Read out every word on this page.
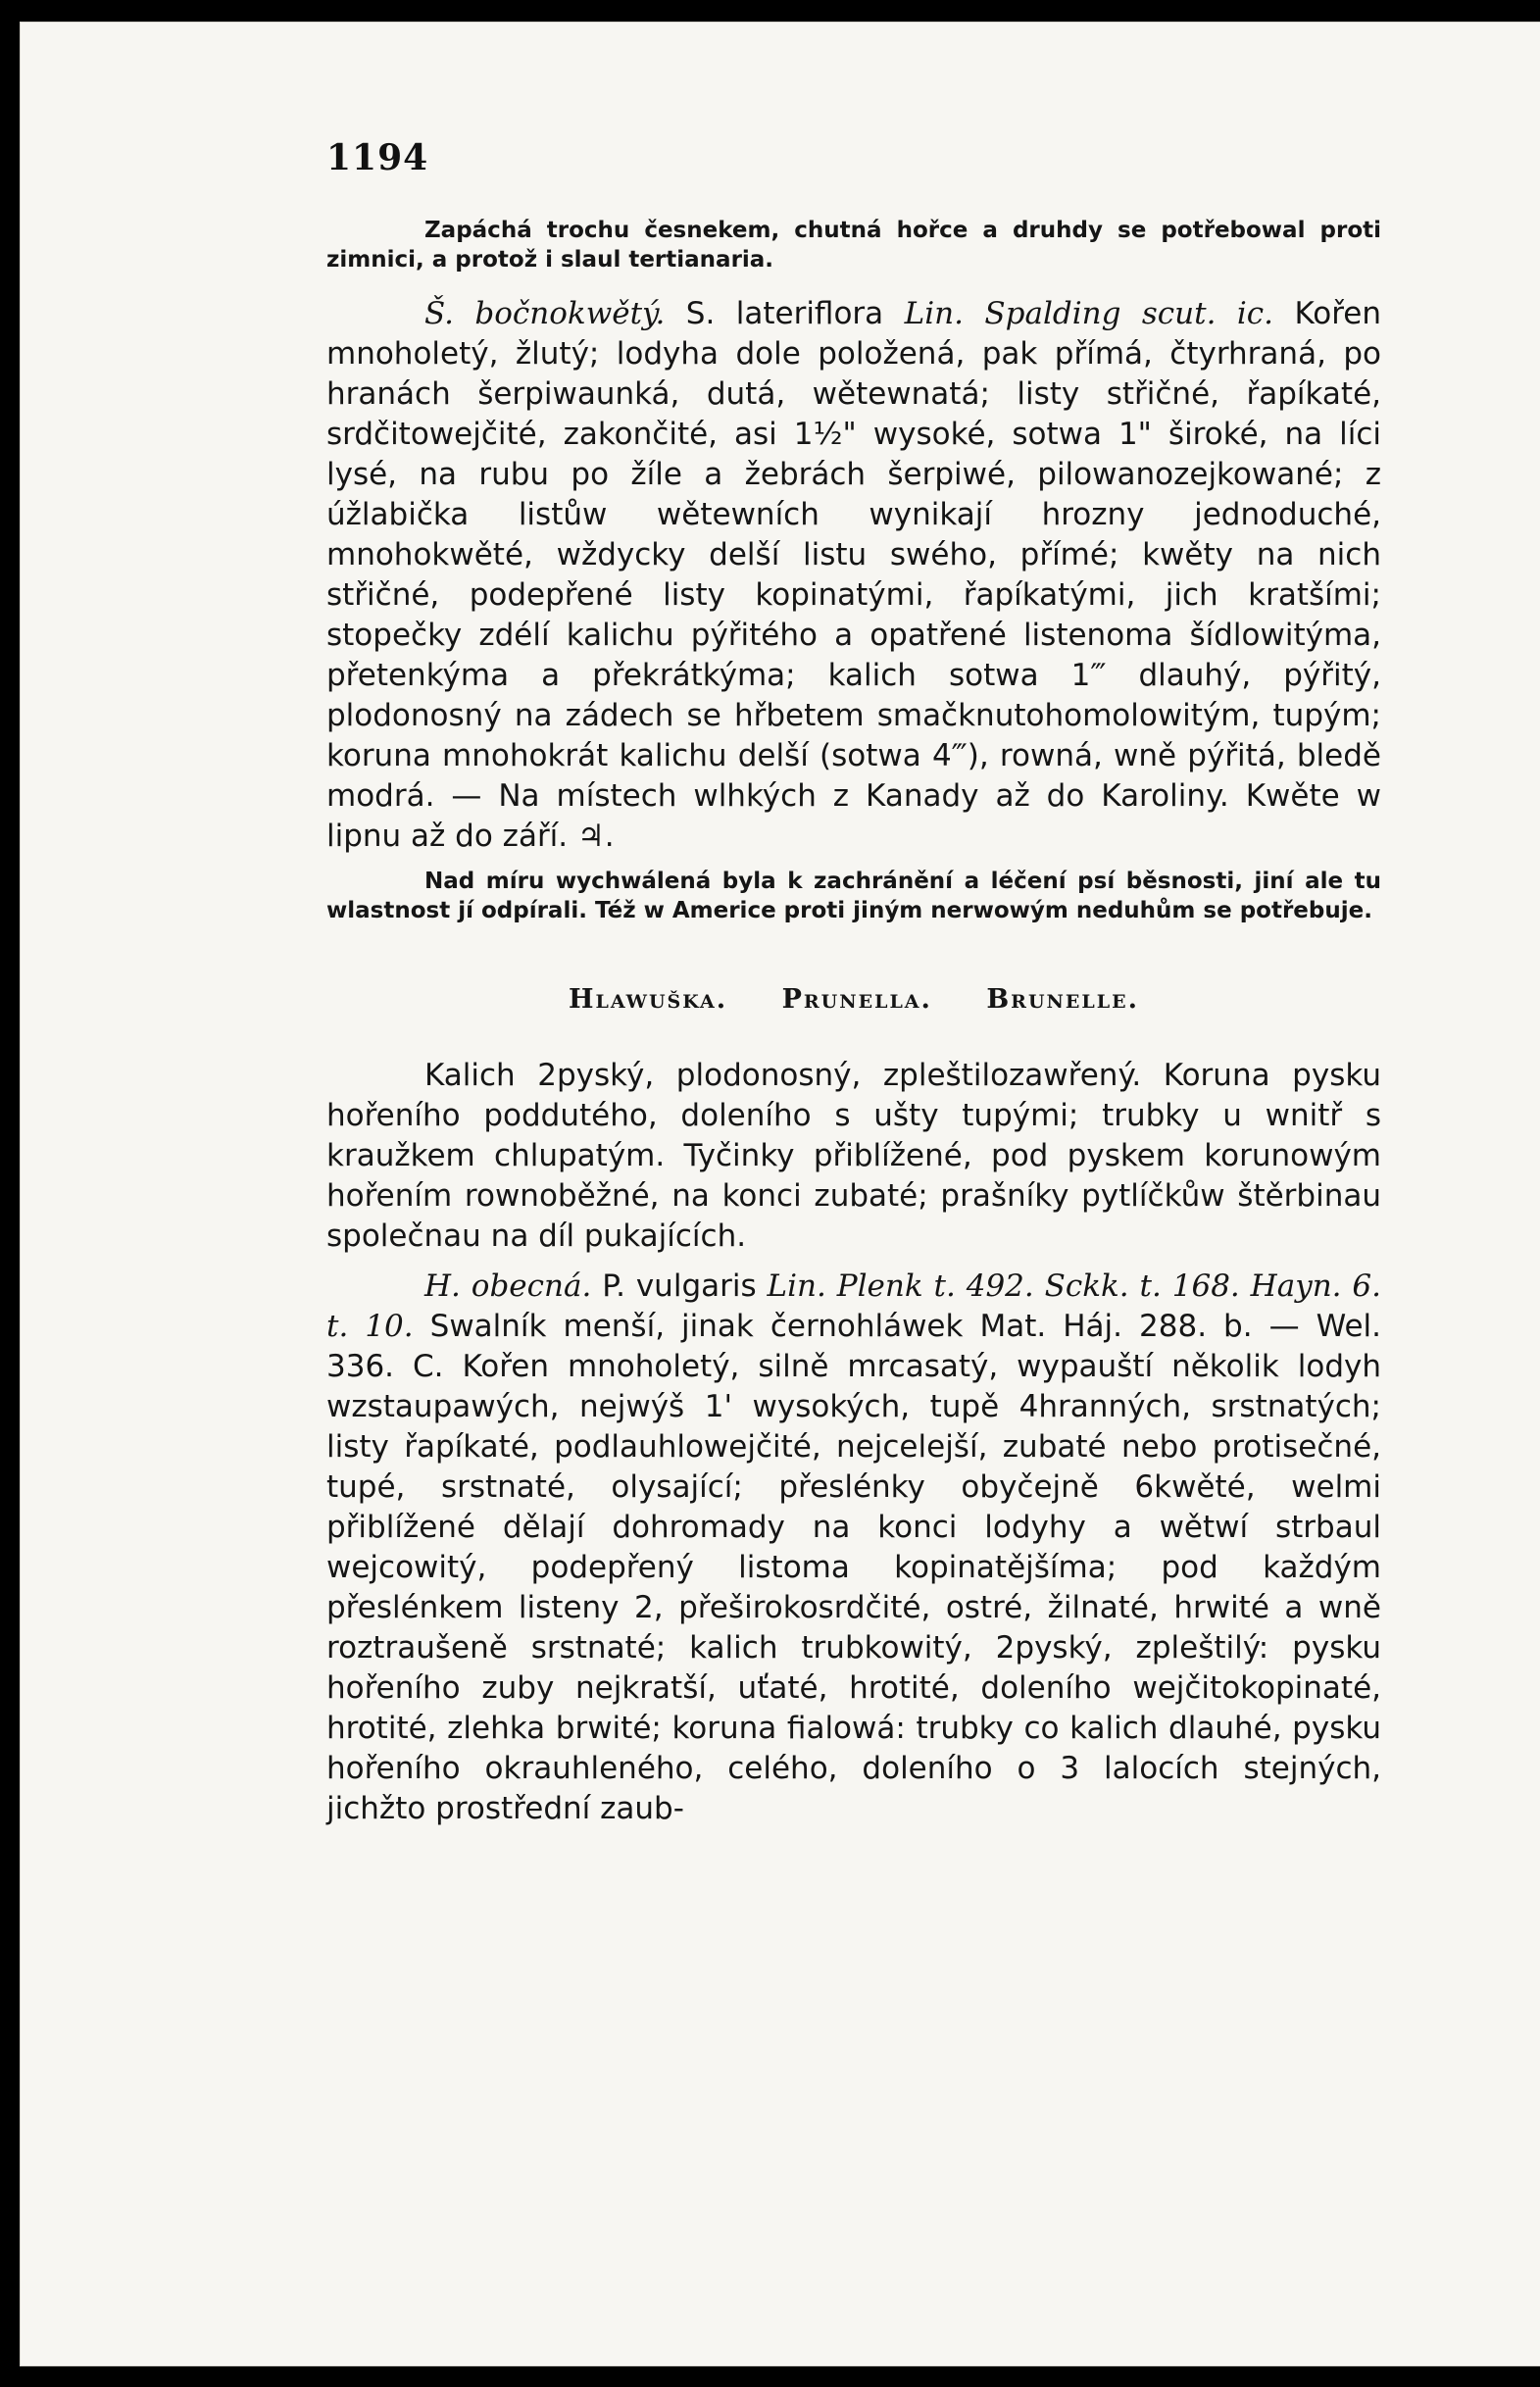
1194

Zapáchá trochu česnekem, chutná hořce a druhdy se potřebowal proti zimnici, a protož i slaul tertianaria.

Š. bočnokwětý. S. lateriflora Lin. Spalding scut. ic. Kořen mnoholetý, žlutý; lodyha dole položená, pak přímá, čtyrhraná, po hranách šerpiwaunká, dutá, wětewnatá; listy střičné, řapíkaté, srdčitowejčité, zakončité, asi 1½" wysoké, sotwa 1" široké, na líci lysé, na rubu po žíle a žebrách šerpiwé, pilowanozejkowané; z úžlabička listůw wětewních wynikají hrozny jednoduché, mnohokwěté, wždycky delší listu swého, přímé; kwěty na nich střičné, podepřené listy kopinatými, řapíkatými, jich kratšími; stopečky zdélí kalichu pýřitého a opatřené listenoma šídlowitýma, přetenkýma a překrátkýma; kalich sotwa 1‴ dlauhý, pýřitý, plodonosný na zádech se hřbetem smačknutohomolowitým, tupým; koruna mnohokrát kalichu delší (sotwa 4‴), rowná, wně pýřitá, bledě modrá. — Na místech wlhkých z Kanady až do Karoliny. Kwěte w lipnu až do září. ♃.

Nad míru wychwálená byla k zachránění a léčení psí běsnosti, jiní ale tu wlastnost jí odpírali. Též w Americe proti jiným nerwowým neduhům se potřebuje.

Hlawuška. Prunella. Brunelle.

Kalich 2pyský, plodonosný, zpleštilozawřený. Koruna pysku hořeního poddutého, doleního s ušty tupými; trubky u wnitř s kraužkem chlupatým. Tyčinky přiblížené, pod pyskem korunowým hořením rownoběžné, na konci zubaté; prašníky pytlíčkůw štěrbinau společnau na díl pukajících.

H. obecná. P. vulgaris Lin. Plenk t. 492. Sckk. t. 168. Hayn. 6. t. 10. Swalník menší, jinak černohláwek Mat. Háj. 288. b. — Wel. 336. C. Kořen mnoholetý, silně mrcasatý, wypauští několik lodyh wzstaupawých, nejwýš 1' wysokých, tupě 4hranných, srstnatých; listy řapíkaté, podlauhlowejčité, nejcelejší, zubaté nebo protisečné, tupé, srstnaté, olysající; přeslénky obyčejně 6kwěté, welmi přiblížené dělají dohromady na konci lodyhy a wětwí strbaul wejcowitý, podepřený listoma kopinatějšíma; pod každým přeslénkem listeny 2, přeširokosrdčité, ostré, žilnaté, hrwité a wně roztraušeně srstnaté; kalich trubkowitý, 2pyský, zpleštilý: pysku hořeního zuby nejkratší, uťaté, hrotité, doleního wejčitokopinaté, hrotité, zlehka brwité; koruna fialowá: trubky co kalich dlauhé, pysku hořeního okrauhleného, celého, doleního o 3 lalocích stejných, jichžto prostřední zaub-
